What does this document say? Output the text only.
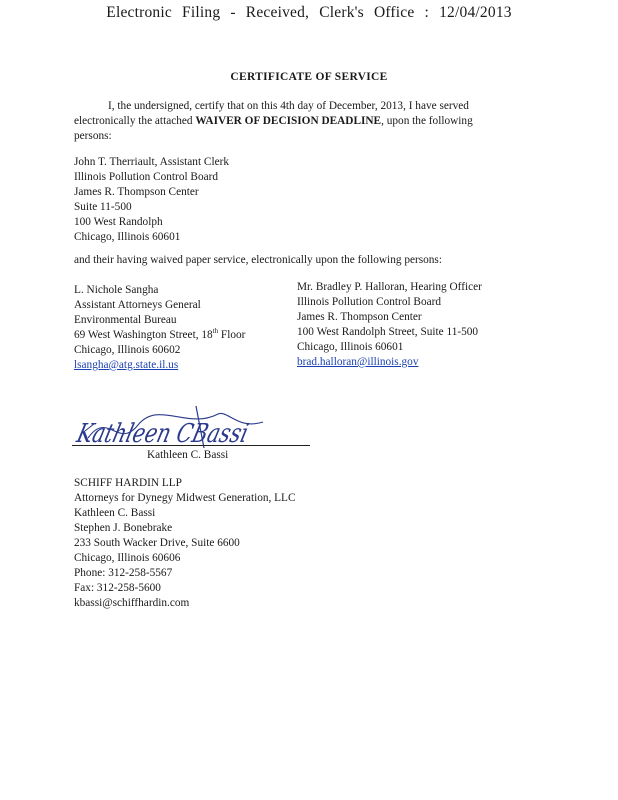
Electronic Filing - Received, Clerk's Office : 12/04/2013
CERTIFICATE OF SERVICE
I, the undersigned, certify that on this 4th day of December, 2013, I have served electronically the attached WAIVER OF DECISION DEADLINE, upon the following persons:
John T. Therriault, Assistant Clerk
Illinois Pollution Control Board
James R. Thompson Center
Suite 11-500
100 West Randolph
Chicago, Illinois 60601
and their having waived paper service, electronically upon the following persons:
L. Nichole Sangha
Assistant Attorneys General
Environmental Bureau
69 West Washington Street, 18th Floor
Chicago, Illinois 60602
lsangha@atg.state.il.us
Mr. Bradley P. Halloran, Hearing Officer
Illinois Pollution Control Board
James R. Thompson Center
100 West Randolph Street, Suite 11-500
Chicago, Illinois 60601
brad.halloran@illinois.gov
Kathleen CBassi
Kathleen C. Bassi
SCHIFF HARDIN LLP
Attorneys for Dynegy Midwest Generation, LLC
Kathleen C. Bassi
Stephen J. Bonebrake
233 South Wacker Drive, Suite 6600
Chicago, Illinois 60606
Phone: 312-258-5567
Fax: 312-258-5600
kbassi@schiffhardin.com
